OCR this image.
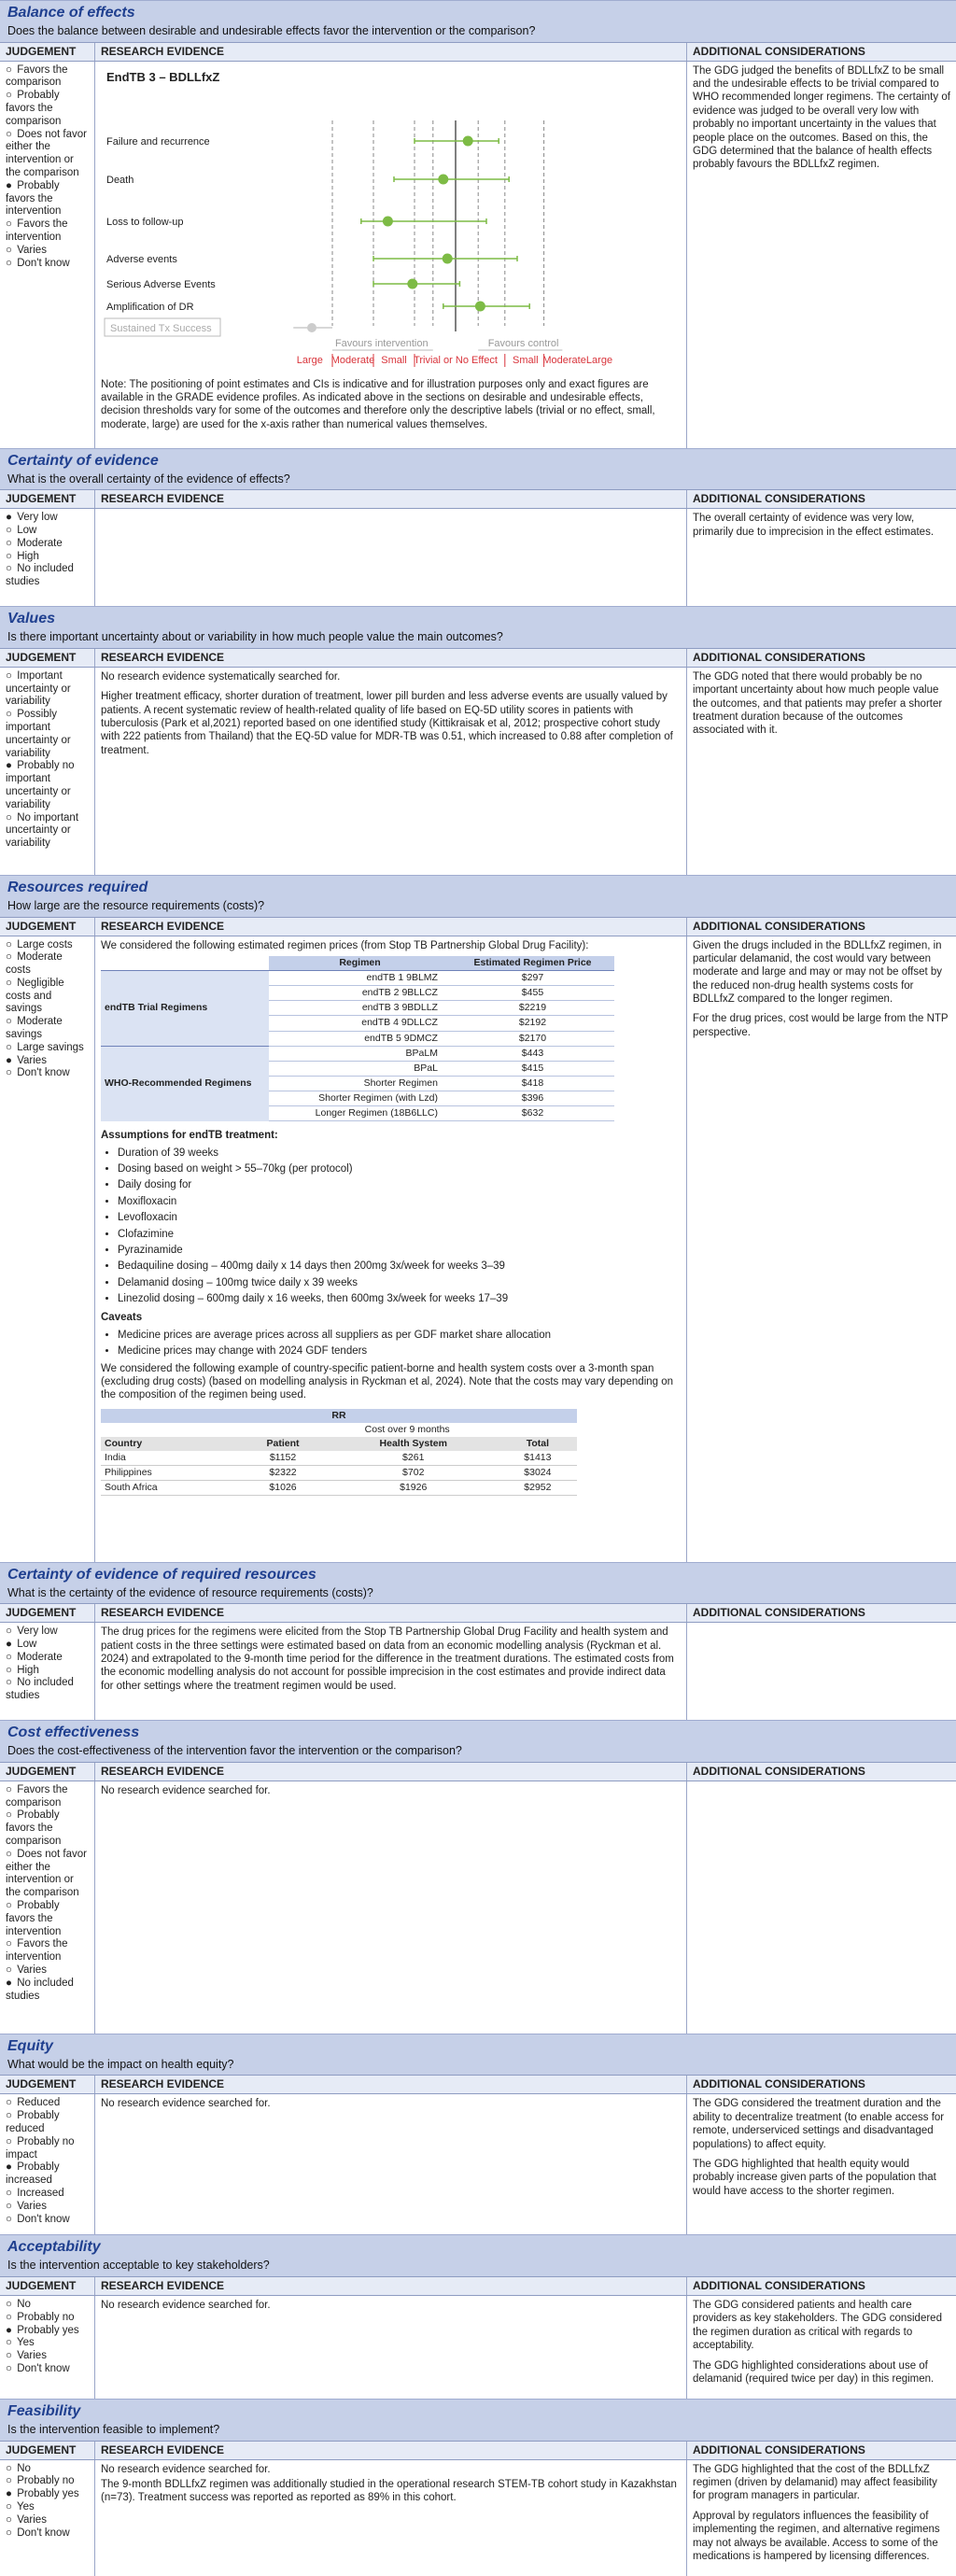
Balance of effects
Does the balance between desirable and undesirable effects favor the intervention or the comparison?
JUDGEMENT	RESEARCH EVIDENCE	ADDITIONAL CONSIDERATIONS
○ Favors the comparison
○ Probably favors the comparison
○ Does not favor either the intervention or the comparison
● Probably favors the intervention
○ Favors the intervention
○ Varies
○ Don't know
EndTB 3 – BDLLfxZ
Failure and recurrence
Death
Loss to follow-up
Adverse events
Serious Adverse Events
Amplification of DR
Sustained Tx Success
Favours intervention	Favours control
Large Moderate Small Trivial or No Effect Small Moderate Large
Note: The positioning of point estimates and CIs is indicative and for illustration purposes only and exact figures are available in the GRADE evidence profiles. As indicated above in the sections on desirable and undesirable effects, decision thresholds vary for some of the outcomes and therefore only the descriptive labels (trivial or no effect, small, moderate, large) are used for the x-axis rather than numerical values themselves.

The GDG judged the benefits of BDLLfxZ to be small and the undesirable effects to be trivial compared to WHO recommended longer regimens. The certainty of evidence was judged to be overall very low with probably no important uncertainty in the values that people place on the outcomes. Based on this, the GDG determined that the balance of health effects probably favours the BDLLfxZ regimen.

Certainty of evidence
What is the overall certainty of the evidence of effects?
JUDGEMENT	RESEARCH EVIDENCE	ADDITIONAL CONSIDERATIONS
● Very low
○ Low
○ Moderate
○ High
○ No included studies

The overall certainty of evidence was very low, primarily due to imprecision in the effect estimates.

Values
Is there important uncertainty about or variability in how much people value the main outcomes?
JUDGEMENT	RESEARCH EVIDENCE	ADDITIONAL CONSIDERATIONS
○ Important uncertainty or variability
○ Possibly important uncertainty or variability
● Probably no important uncertainty or variability
○ No important uncertainty or variability

No research evidence systematically searched for.

Higher treatment efficacy, shorter duration of treatment, lower pill burden and less adverse events are usually valued by patients. A recent systematic review of health-related quality of life based on EQ-5D utility scores in patients with tuberculosis (Park et al,2021) reported based on one identified study (Kittikraisak et al, 2012; prospective cohort study with 222 patients from Thailand) that the EQ-5D value for MDR-TB was 0.51, which increased to 0.88 after completion of treatment.

The GDG noted that there would probably be no important uncertainty about how much people value the outcomes, and that patients may prefer a shorter treatment duration because of the outcomes associated with it.

Resources required
How large are the resource requirements (costs)?
JUDGEMENT	RESEARCH EVIDENCE	ADDITIONAL CONSIDERATIONS
○ Large costs
○ Moderate costs
○ Negligible costs and savings
○ Moderate savings
○ Large savings
● Varies
○ Don't know

We considered the following estimated regimen prices (from Stop TB Partnership Global Drug Facility):

	Regimen	Estimated Regimen Price
endTB Trial Regimens	endTB 1 9BLMZ	$297
	endTB 2 9BLLCZ	$455
	endTB 3 9BDLLZ	$2219
	endTB 4 9DLLCZ	$2192
	endTB 5 9DMCZ	$2170
WHO-Recommended Regimens	BPaLM	$443
	BPaL	$415
	Shorter Regimen	$418
	Shorter Regimen (with Lzd)	$396
	Longer Regimen (18B6LLC)	$632
Assumptions for endTB treatment:
• Duration of 39 weeks
• Dosing based on weight > 55–70kg (per protocol)
• Daily dosing for
• Moxifloxacin
• Levofloxacin
• Clofazimine
• Pyrazinamide
• Bedaquiline dosing – 400mg daily x 14 days then 200mg 3x/week for weeks 3–39
• Delamanid dosing – 100mg twice daily x 39 weeks
• Linezolid dosing – 600mg daily x 16 weeks, then 600mg 3x/week for weeks 17–39
Caveats
• Medicine prices are average prices across all suppliers as per GDF market share allocation
• Medicine prices may change with 2024 GDF tenders

We considered the following example of country-specific patient-borne and health system costs over a 3-month span (excluding drug costs) (based on modelling analysis in Ryckman et al, 2024). Note that the costs may vary depending on the composition of the regimen being used.

RR			
	Cost over 9 months		
Country	Patient	Health System	Total
India	$1152	$261	$1413
Philippines	$2322	$702	$3024
South Africa	$1026	$1926	$2952

Given the drugs included in the BDLLfxZ regimen, in particular delamanid, the cost would vary between moderate and large and may or may not be offset by the reduced non-drug health systems costs for BDLLfxZ compared to the longer regimen.

For the drug prices, cost would be large from the NTP perspective.

Certainty of evidence of required resources
What is the certainty of the evidence of resource requirements (costs)?
JUDGEMENT	RESEARCH EVIDENCE	ADDITIONAL CONSIDERATIONS
○ Very low
● Low
○ Moderate
○ High
○ No included studies

The drug prices for the regimens were elicited from the Stop TB Partnership Global Drug Facility and health system and patient costs in the three settings were estimated based on data from an economic modelling analysis (Ryckman et al. 2024) and extrapolated to the 9-month time period for the difference in the treatment durations. The estimated costs from the economic modelling analysis do not account for possible imprecision in the cost estimates and provide indirect data for other settings where the treatment regimen would be used.

Cost effectiveness
Does the cost-effectiveness of the intervention favor the intervention or the comparison?
JUDGEMENT	RESEARCH EVIDENCE	ADDITIONAL CONSIDERATIONS
○ Favors the comparison
○ Probably favors the comparison
○ Does not favor either the intervention or the comparison
○ Probably favors the intervention
○ Favors the intervention
○ Varies
● No included studies

No research evidence searched for.

Equity
What would be the impact on health equity?
JUDGEMENT	RESEARCH EVIDENCE	ADDITIONAL CONSIDERATIONS
○ Reduced
○ Probably reduced
○ Probably no impact
● Probably increased
○ Increased
○ Varies
○ Don't know

No research evidence searched for.	The GDG considered the treatment duration and the ability to decentralize treatment (to enable access for remote, underserviced settings and disadvantaged populations) to affect equity.

The GDG highlighted that health equity would probably increase given parts of the population that would have access to the shorter regimen.

Acceptability
Is the intervention acceptable to key stakeholders?
JUDGEMENT	RESEARCH EVIDENCE	ADDITIONAL CONSIDERATIONS
○ No
○ Probably no
● Probably yes
○ Yes
○ Varies
○ Don't know

No research evidence searched for.	The GDG considered patients and health care providers as key stakeholders. The GDG considered the regimen duration as critical with regards to acceptability.

The GDG highlighted considerations about use of delamanid (required twice per day) in this regimen.

Feasibility
Is the intervention feasible to implement?
JUDGEMENT	RESEARCH EVIDENCE	ADDITIONAL CONSIDERATIONS
○ No
○ Probably no
● Probably yes
○ Yes
○ Varies
○ Don't know

No research evidence searched for.

The 9-month BDLLfxZ regimen was additionally studied in the operational research STEM-TB cohort study in Kazakhstan (n=73). Treatment success was reported as reported as 89% in this cohort.

The GDG highlighted that the cost of the BDLLfxZ regimen (driven by delamanid) may affect feasibility for program managers in particular.

Approval by regulators influences the feasibility of implementing the regimen, and alternative regimens may not always be available. Access to some of the medications is hampered by licensing differences.
